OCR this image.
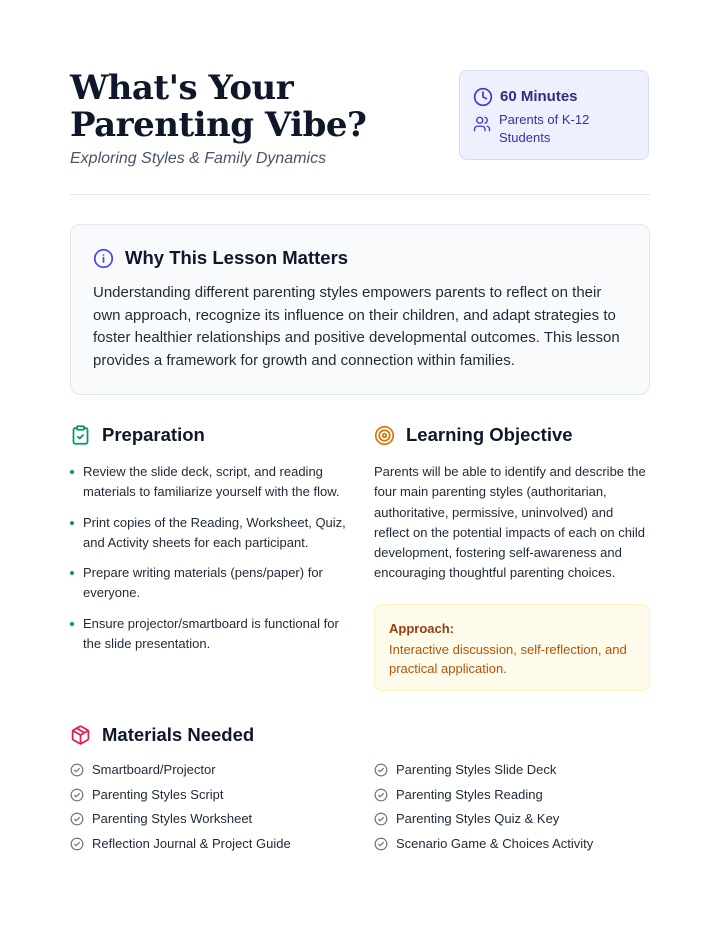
What's Your Parenting Vibe?
Exploring Styles & Family Dynamics
60 Minutes
Parents of K-12 Students
Why This Lesson Matters
Understanding different parenting styles empowers parents to reflect on their own approach, recognize its influence on their children, and adapt strategies to foster healthier relationships and positive developmental outcomes. This lesson provides a framework for growth and connection within families.
Preparation
Review the slide deck, script, and reading materials to familiarize yourself with the flow.
Print copies of the Reading, Worksheet, Quiz, and Activity sheets for each participant.
Prepare writing materials (pens/paper) for everyone.
Ensure projector/smartboard is functional for the slide presentation.
Learning Objective
Parents will be able to identify and describe the four main parenting styles (authoritarian, authoritative, permissive, uninvolved) and reflect on the potential impacts of each on child development, fostering self-awareness and encouraging thoughtful parenting choices.
Approach:
Interactive discussion, self-reflection, and practical application.
Materials Needed
Smartboard/Projector	Parenting Styles Slide Deck
Parenting Styles Script	Parenting Styles Reading
Parenting Styles Worksheet	Parenting Styles Quiz & Key
Reflection Journal & Project Guide	Scenario Game & Choices Activity
